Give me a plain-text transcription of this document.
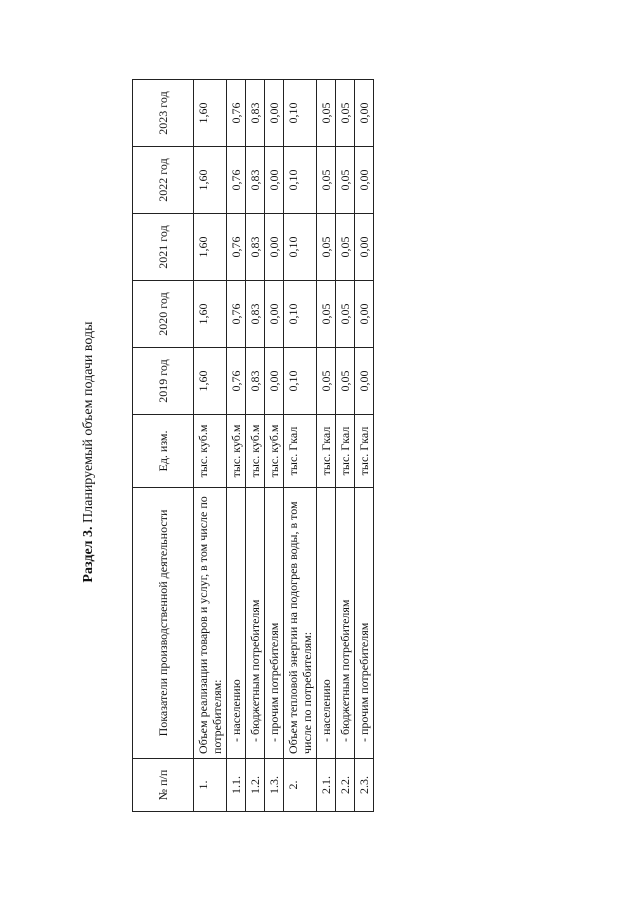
Раздел 3. Планируемый объем подачи воды
№ п/п	Показатели производственной деятельности	Ед. изм.	2019 год	2020 год	2021 год	2022 год	2023 год
1.	Объем реализации товаров и услуг, в том числе по потребителям:	тыс. куб.м	1,60	1,60	1,60	1,60	1,60
1.1.	- населению	тыс. куб.м	0,76	0,76	0,76	0,76	0,76
1.2.	- бюджетным потребителям	тыс. куб.м	0,83	0,83	0,83	0,83	0,83
1.3.	- прочим потребителям	тыс. куб.м	0,00	0,00	0,00	0,00	0,00
2.	Объем тепловой энергии на подогрев воды, в том числе по потребителям:	тыс. Гкал	0,10	0,10	0,10	0,10	0,10
2.1.	- населению	тыс. Гкал	0,05	0,05	0,05	0,05	0,05
2.2.	- бюджетным потребителям	тыс. Гкал	0,05	0,05	0,05	0,05	0,05
2.3.	- прочим потребителям	тыс. Гкал	0,00	0,00	0,00	0,00	0,00
